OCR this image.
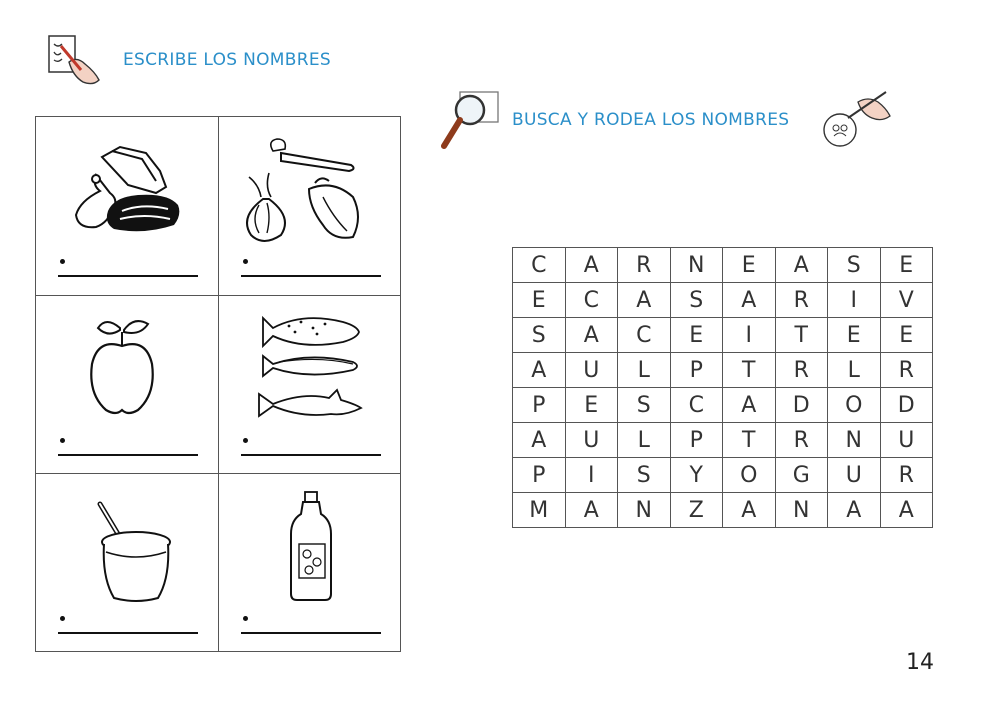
ESCRIBE LOS NOMBRES
BUSCA Y RODEA LOS NOMBRES
C	A	R	N	E	A	S	E
E	C	A	S	A	R	I	V
S	A	C	E	I	T	E	E
A	U	L	P	T	R	L	R
P	E	S	C	A	D	O	D
A	U	L	P	T	R	N	U
P	I	S	Y	O	G	U	R
M	A	N	Z	A	N	A	A
14
